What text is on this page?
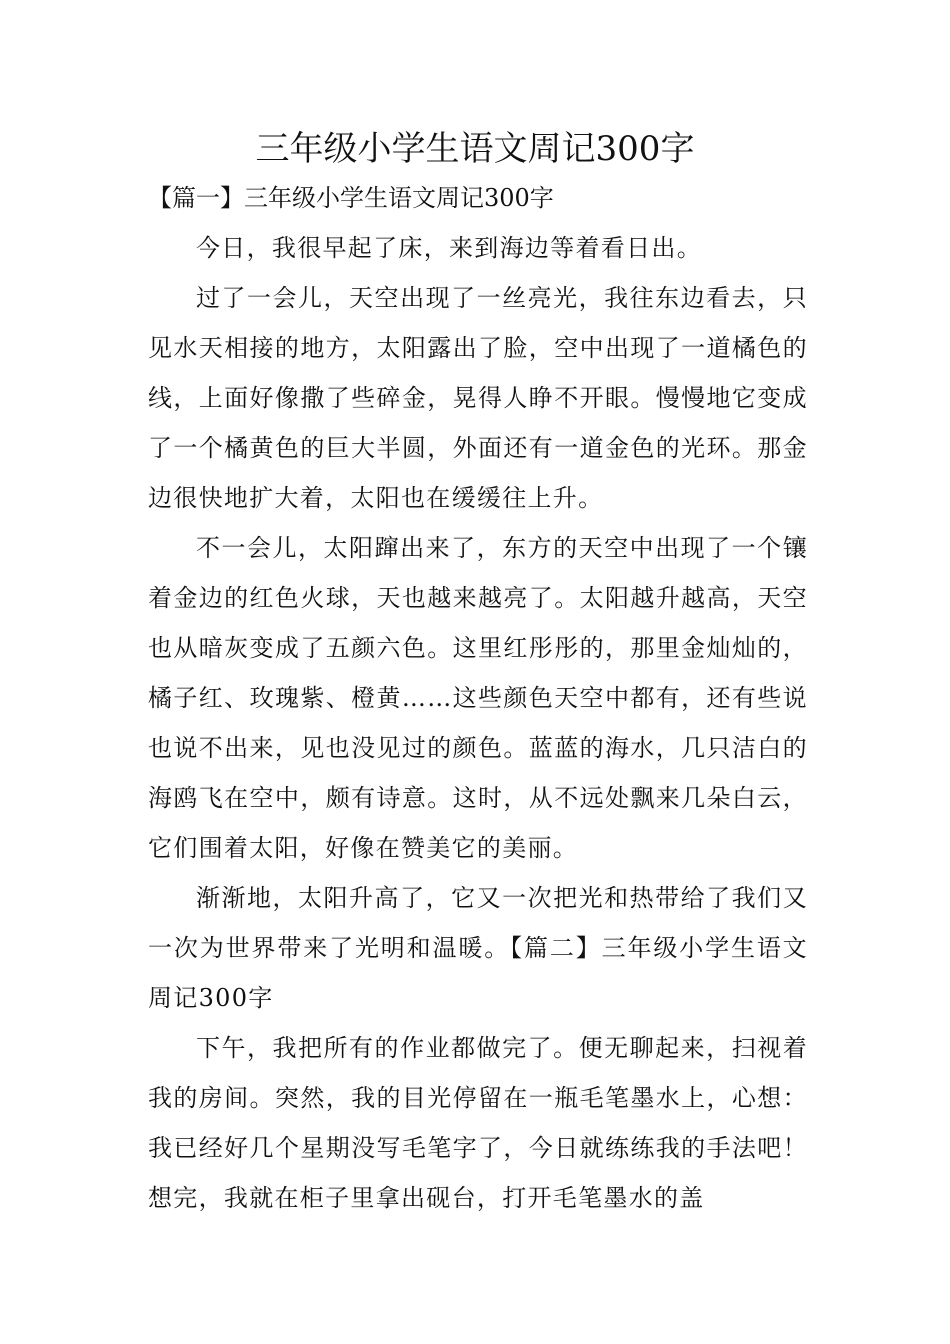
三年级小学生语文周记300字

【篇一】三年级小学生语文周记300字

今日，我很早起了床，来到海边等着看日出。

过了一会儿，天空出现了一丝亮光，我往东边看去，只见水天相接的地方，太阳露出了脸，空中出现了一道橘色的线，上面好像撒了些碎金，晃得人睁不开眼。慢慢地它变成了一个橘黄色的巨大半圆，外面还有一道金色的光环。那金边很快地扩大着，太阳也在缓缓往上升。

不一会儿，太阳蹿出来了，东方的天空中出现了一个镶着金边的红色火球，天也越来越亮了。太阳越升越高，天空也从暗灰变成了五颜六色。这里红彤彤的，那里金灿灿的，橘子红、玫瑰紫、橙黄……这些颜色天空中都有，还有些说也说不出来，见也没见过的颜色。蓝蓝的海水，几只洁白的海鸥飞在空中，颇有诗意。这时，从不远处飘来几朵白云，它们围着太阳，好像在赞美它的美丽。

渐渐地，太阳升高了，它又一次把光和热带给了我们又一次为世界带来了光明和温暖。【篇二】三年级小学生语文周记300字

下午，我把所有的作业都做完了。便无聊起来，扫视着我的房间。突然，我的目光停留在一瓶毛笔墨水上，心想：我已经好几个星期没写毛笔字了，今日就练练我的手法吧！想完，我就在柜子里拿出砚台，打开毛笔墨水的盖
